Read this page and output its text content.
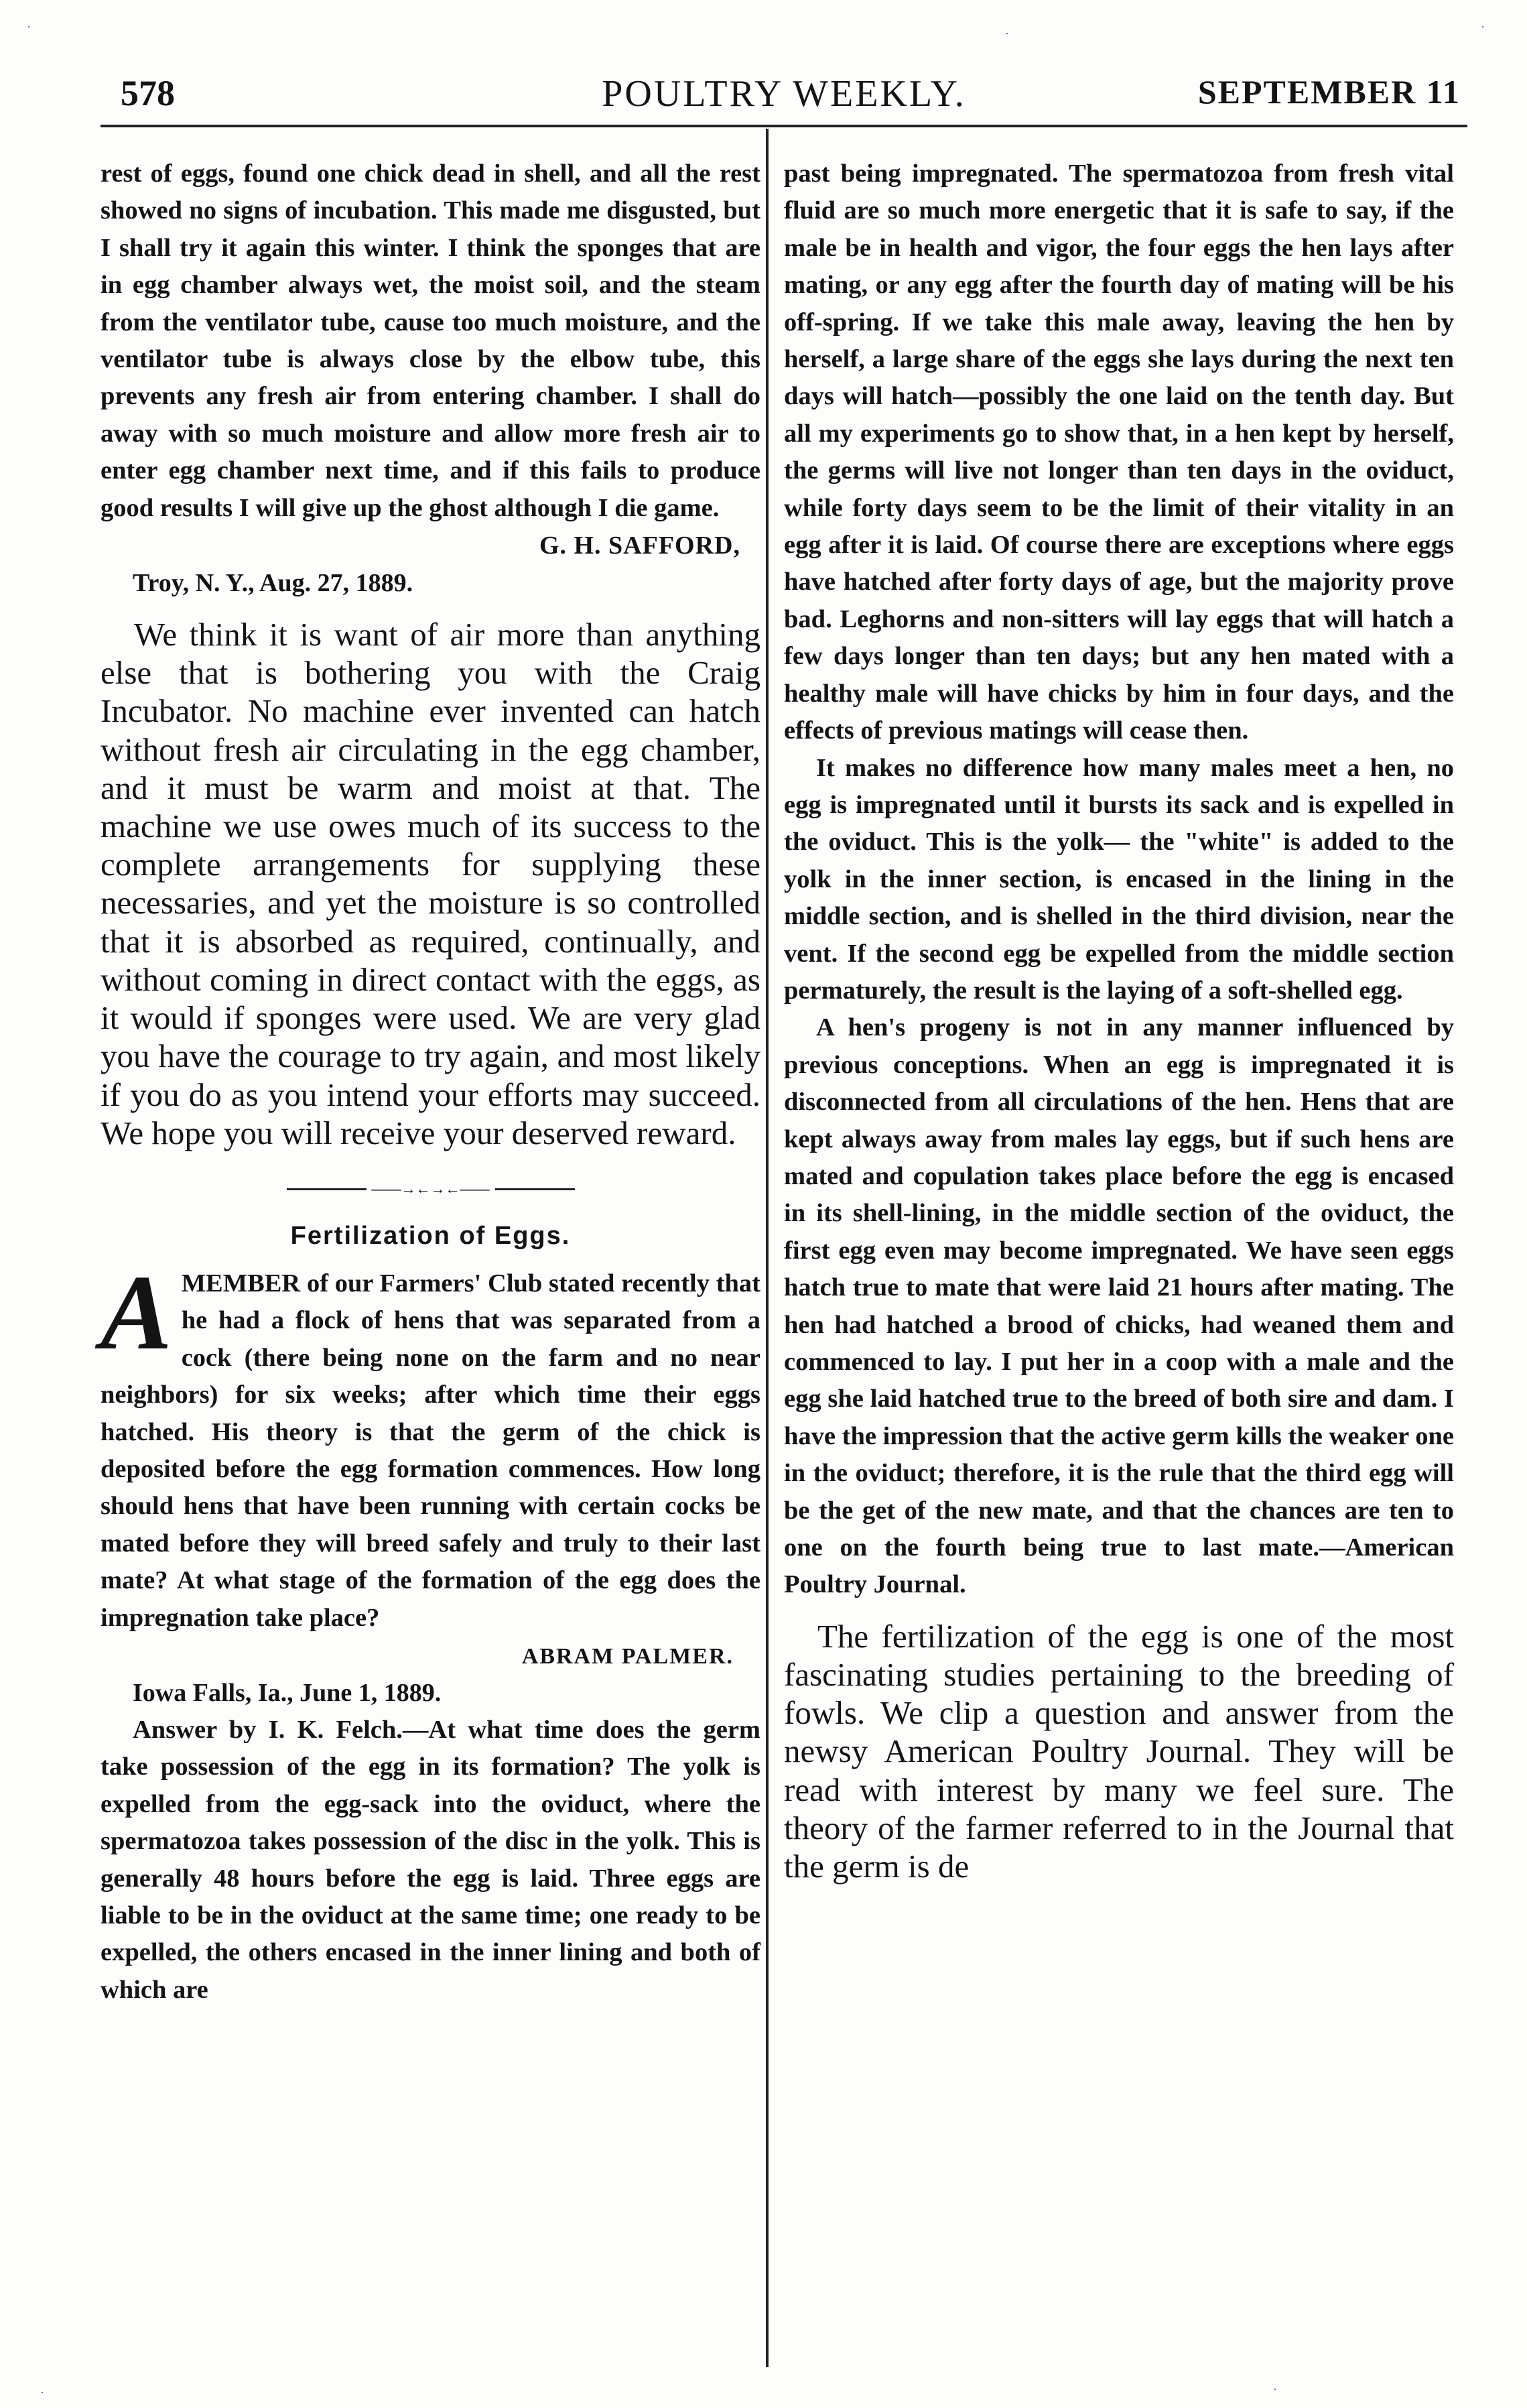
578	POULTRY WEEKLY.	SEPTEMBER 11

rest of eggs, found one chick dead in shell, and all the rest showed no signs of incubation. This made me disgusted, but I shall try it again this winter. I think the sponges that are in egg chamber always wet, the moist soil, and the steam from the ventilator tube, cause too much moisture, and the ventilator tube is always close by the elbow tube, this prevents any fresh air from entering chamber. I shall do away with so much moisture and allow more fresh air to enter egg chamber next time, and if this fails to produce good results I will give up the ghost although I die game.

G. H. SAFFORD,

Troy, N. Y., Aug. 27, 1889.

We think it is want of air more than anything else that is bothering you with the Craig Incubator. No machine ever invented can hatch without fresh air circulating in the egg chamber, and it must be warm and moist at that. The machine we use owes much of its success to the complete arrangements for supplying these necessaries, and yet the moisture is so controlled that it is absorbed as required, continually, and without coming in direct contact with the eggs, as it would if sponges were used. We are very glad you have the courage to try again, and most likely if you do as you intend your efforts may succeed. We hope you will receive your deserved reward.

——→←→←——
Fertilization of Eggs.

AMEMBER of our Farmers' Club stated recently that he had a flock of hens that was separated from a cock (there being none on the farm and no near neighbors) for six weeks; after which time their eggs hatched. His theory is that the germ of the chick is deposited before the egg formation commences. How long should hens that have been running with certain cocks be mated before they will breed safely and truly to their last mate? At what stage of the formation of the egg does the impregnation take place?

ABRAM PALMER.

Iowa Falls, Ia., June 1, 1889.

Answer by I. K. Felch.—At what time does the germ take possession of the egg in its formation? The yolk is expelled from the egg-sack into the oviduct, where the spermatozoa takes possession of the disc in the yolk. This is generally 48 hours before the egg is laid. Three eggs are liable to be in the oviduct at the same time; one ready to be expelled, the others encased in the inner lining and both of which are

past being impregnated. The spermatozoa from fresh vital fluid are so much more energetic that it is safe to say, if the male be in health and vigor, the four eggs the hen lays after mating, or any egg after the fourth day of mating will be his off-spring. If we take this male away, leaving the hen by herself, a large share of the eggs she lays during the next ten days will hatch—possibly the one laid on the tenth day. But all my experiments go to show that, in a hen kept by herself, the germs will live not longer than ten days in the oviduct, while forty days seem to be the limit of their vitality in an egg after it is laid. Of course there are exceptions where eggs have hatched after forty days of age, but the majority prove bad. Leghorns and non-sitters will lay eggs that will hatch a few days longer than ten days; but any hen mated with a healthy male will have chicks by him in four days, and the effects of previous matings will cease then.

It makes no difference how many males meet a hen, no egg is impregnated until it bursts its sack and is expelled in the oviduct. This is the yolk— the "white" is added to the yolk in the inner section, is encased in the lining in the middle section, and is shelled in the third division, near the vent. If the second egg be expelled from the middle section permaturely, the result is the laying of a soft-shelled egg.

A hen's progeny is not in any manner influenced by previous conceptions. When an egg is impregnated it is disconnected from all circulations of the hen. Hens that are kept always away from males lay eggs, but if such hens are mated and copulation takes place before the egg is encased in its shell-lining, in the middle section of the oviduct, the first egg even may become impregnated. We have seen eggs hatch true to mate that were laid 21 hours after mating. The hen had hatched a brood of chicks, had weaned them and commenced to lay. I put her in a coop with a male and the egg she laid hatched true to the breed of both sire and dam. I have the impression that the active germ kills the weaker one in the oviduct; therefore, it is the rule that the third egg will be the get of the new mate, and that the chances are ten to one on the fourth being true to last mate.—American Poultry Journal.

The fertilization of the egg is one of the most fascinating studies pertaining to the breeding of fowls. We clip a question and answer from the newsy American Poultry Journal. They will be read with interest by many we feel sure. The theory of the farmer referred to in the Journal that the germ is de

·	·	·
·	·
